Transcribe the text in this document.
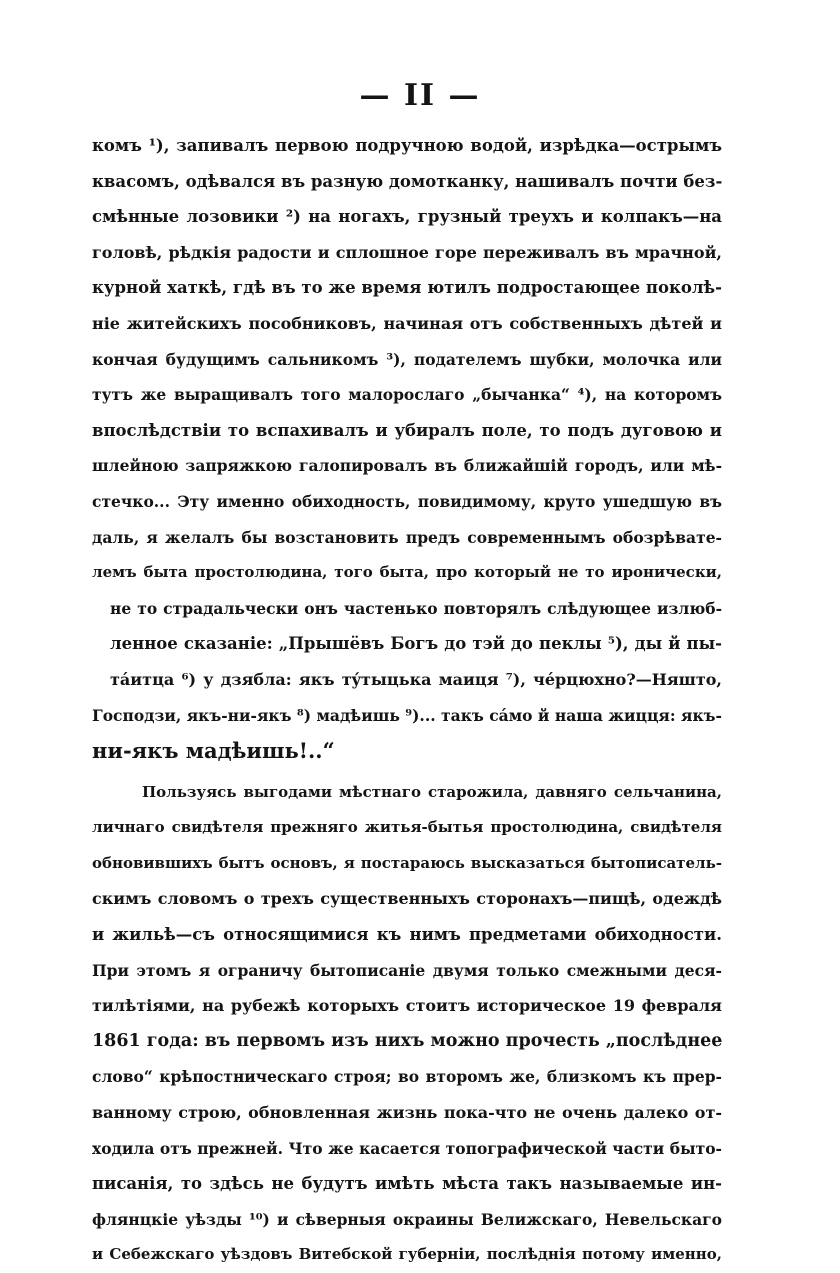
— II —
комъ ¹), запивалъ первою подручною водой, изрѣдка—острымъ
квасомъ, одѣвался въ разную домотканку, нашивалъ почти без-
смѣнные лозовики ²) на ногахъ, грузный треухъ и колпакъ—на
головѣ, рѣдкія радости и сплошное горе переживалъ въ мрачной,
курной хаткѣ, гдѣ въ то же время ютилъ подростающее поколѣ-
ніе житейскихъ пособниковъ, начиная отъ собственныхъ дѣтей и
кончая будущимъ сальникомъ ³), подателемъ шубки, молочка или
тутъ же выращивалъ того малорослаго „бычанка“ ⁴), на которомъ
впослѣдствіи то вспахивалъ и убиралъ поле, то подъ дуговою и
шлейною запряжкою галопировалъ въ ближайшій городъ, или мѣ-
стечко... Эту именно обиходность, повидимому, круто ушедшую въ
даль, я желалъ бы возстановить предъ современнымъ обозрѣвате-
лемъ быта простолюдина, того быта, про который не то иронически,
не то страдальчески онъ частенько повторялъ слѣдующее излюб-
ленное сказаніе: „Прышёвъ Богъ до тэй до пеклы ⁵), ды й пы-
тáитца ⁶) у дзябла: якъ тýтыцька маиця ⁷), чéрцюхно?—Няшто,
Господзи, якъ-ни-якъ ⁸) мадѣишь ⁹)... такъ сáмо й наша жицця: якъ-
ни-якъ мадѣишь!..“
Пользуясь выгодами мѣстнаго старожила, давняго сельчанина,
личнаго свидѣтеля прежняго житья-бытья простолюдина, свидѣтеля
обновившихъ бытъ основъ, я постараюсь высказаться бытописатель-
скимъ словомъ о трехъ существенныхъ сторонахъ—пищѣ, одеждѣ
и жильѣ—съ относящимися къ нимъ предметами обиходности.
При этомъ я ограничу бытописаніе двумя только смежными деся-
тилѣтіями, на рубежѣ которыхъ стоитъ историческое 19 февраля
1861 года: въ первомъ изъ нихъ можно прочесть „послѣднее
слово“ крѣпостническаго строя; во второмъ же, близкомъ къ прер-
ванному строю, обновленная жизнь пока-что не очень далеко от-
ходила отъ прежней. Что же касается топографической части быто-
писанія, то здѣсь не будутъ имѣть мѣста такъ называемые ин-
флянцкіе уѣзды ¹⁰) и сѣверныя окраины Велижскаго, Невельскаго
и Себежскаго уѣздовъ Витебской губерніи, послѣднія потому именно,
